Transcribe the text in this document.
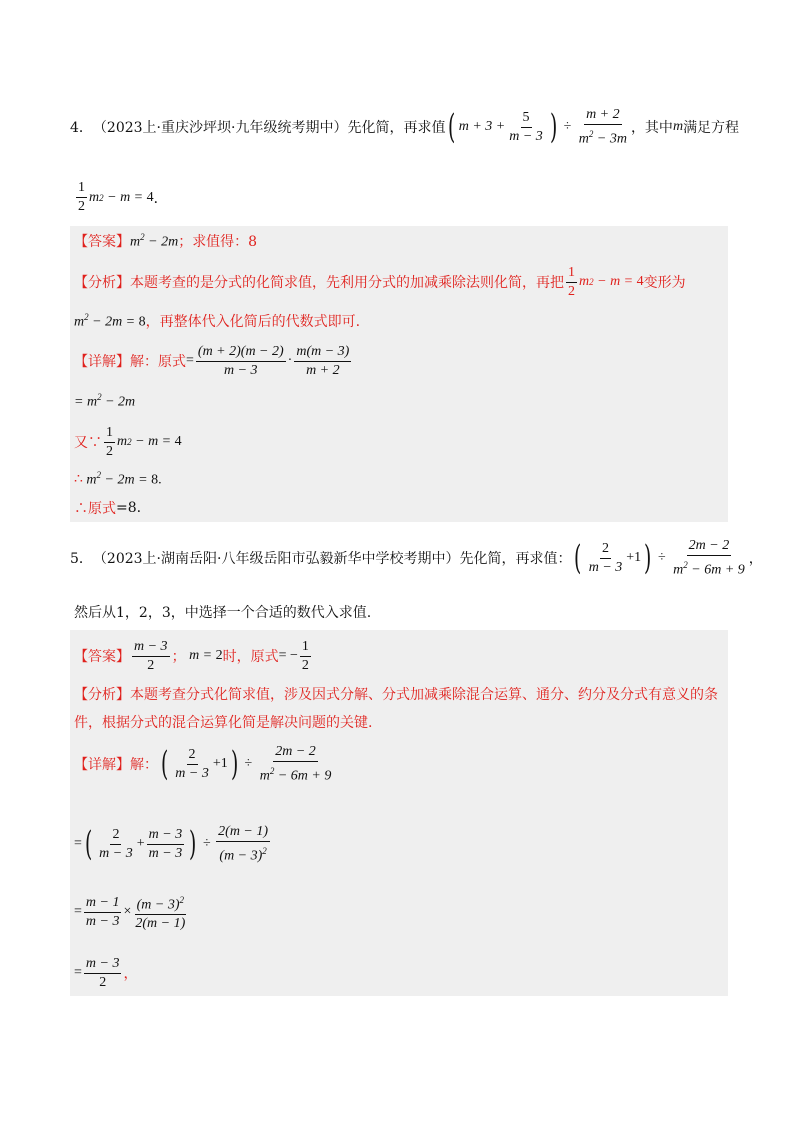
4． （2023上·重庆沙坪坝·九年级统考期中） 先化简，再求值 ( $m + 3 + \frac{5}{m - 3}$ ) ÷ $\frac{m + 2}{m^2 - 3m}$ ，其中 m 满足方程
$\frac{1}{2}$ m 2 − m = 4 ．
【答案】 $m^2 - 2m$ ； 求值得：8
【分析】 本题考查的是分式的化简求值，先利用分式的加减乘除法则化简，再把 $\frac{1}{2}$ m 2 − m = 4 变形为
$m^2 - 2m = 8$ ，再整体代入化简后的代数式即可.
【详解】 解：原式 = $\frac{(m + 2)(m - 2)}{m - 3} \cdot \frac{m(m - 3)}{m + 2}$
= $m^2 - 2m$
又∵ $\frac{1}{2}$ m 2 − m = 4
∴ $m^2 - 2m = 8$.
∴原式 =8.
5． （2023上·湖南岳阳·八年级岳阳市弘毅新华中学校考期中） 先化简，再求值： ( $\frac{2}{m - 3} +1$ ) ÷ $\frac{2m - 2}{m^2 - 6m + 9}$ ，
然后从1，2，3，中选择一个合适的数代入求值.
【答案】 $\frac{m - 3}{2}$ ； m = 2 时，原式 = − $\frac{1}{2}$
【分析】本题考查分式化简求值，涉及因式分解、分式加减乘除混合运算、通分、约分及分式有意义的条
件，根据分式的混合运算化简是解决问题的关键.
【详解】 解： ( $\frac{2}{m - 3} +1$ ) ÷ $\frac{2m - 2}{m^2 - 6m + 9}$
= ( $\frac{2}{m - 3} + \frac{m - 3}{m - 3}$ ) ÷ $\frac{2(m - 1)}{(m - 3)^2}$
= $\frac{m - 1}{m - 3} \times \frac{(m - 3)^2}{2(m - 1)}$
= $\frac{m - 3}{2}$ ，
